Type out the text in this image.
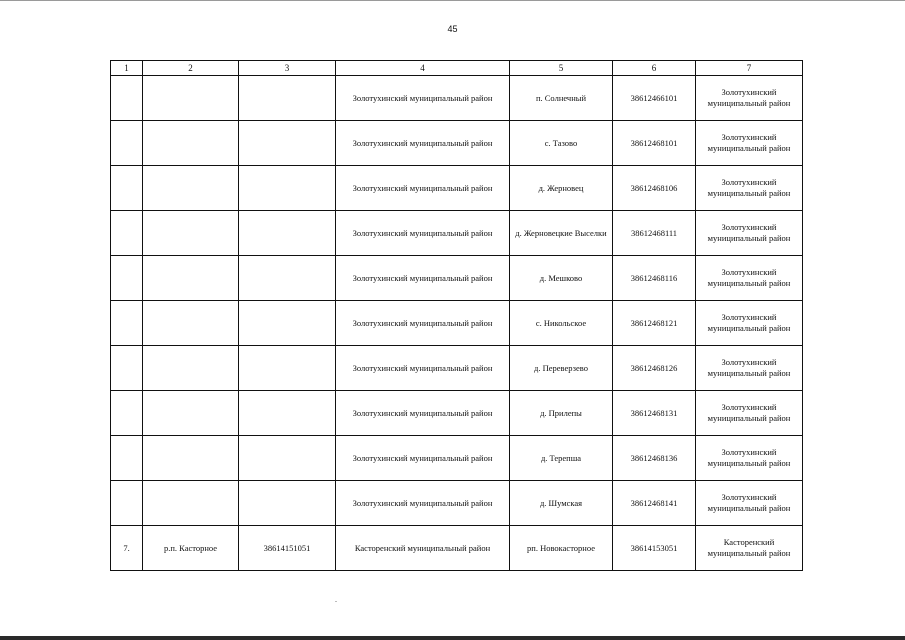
45
1	2	3	4	5	6	7
			Золотухинский муниципальный район	п. Солнечный	38612466101	Золотухинский муниципальный район
			Золотухинский муниципальный район	с. Тазово	38612468101	Золотухинский муниципальный район
			Золотухинский муниципальный район	д. Жерновец	38612468106	Золотухинский муниципальный район
			Золотухинский муниципальный район	д. Жерновецкие Выселки	38612468111	Золотухинский муниципальный район
			Золотухинский муниципальный район	д. Мешково	38612468116	Золотухинский муниципальный район
			Золотухинский муниципальный район	с. Никольское	38612468121	Золотухинский муниципальный район
			Золотухинский муниципальный район	д. Переверзево	38612468126	Золотухинский муниципальный район
			Золотухинский муниципальный район	д. Прилепы	38612468131	Золотухинский муниципальный район
			Золотухинский муниципальный район	д. Терепша	38612468136	Золотухинский муниципальный район
			Золотухинский муниципальный район	д. Шумская	38612468141	Золотухинский муниципальный район
7.	р.п. Касторное	38614151051	Касторенский муниципальный район	рп. Новокасторное	38614153051	Касторенский муниципальный район
